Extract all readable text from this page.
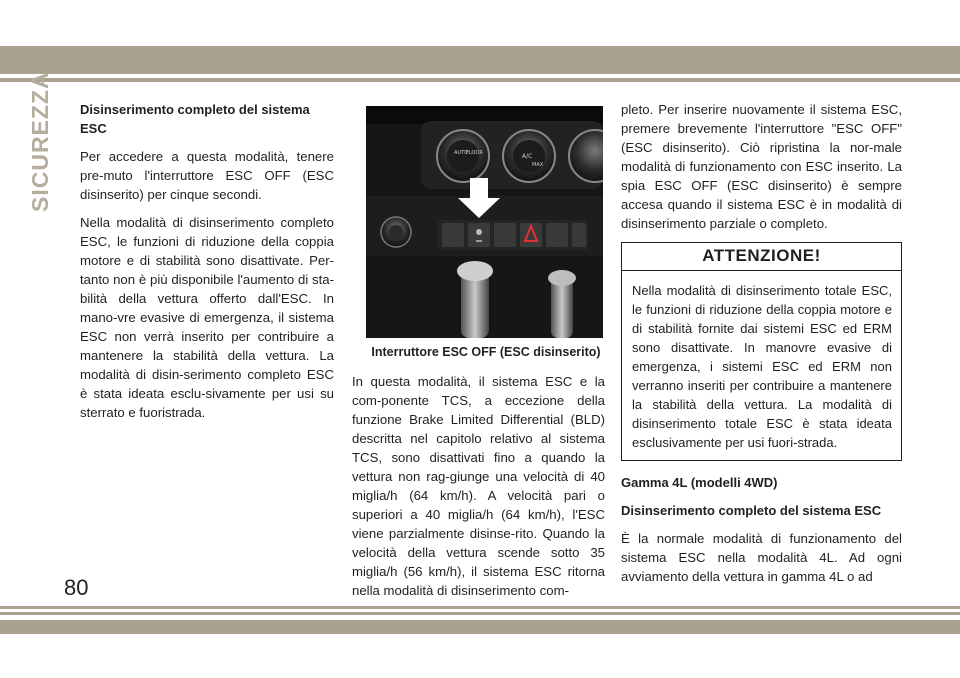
SICUREZZA Disinserimento completo del sistema ESC

Per accedere a questa modalità, tenere pre-muto l'interruttore ESC OFF (ESC disinserito) per cinque secondi.

Nella modalità di disinserimento completo ESC, le funzioni di riduzione della coppia motore e di stabilità sono disattivate. Per-tanto non è più disponibile l'aumento di sta-bilità della vettura offerto dall'ESC. In mano-vre evasive di emergenza, il sistema ESC non verrà inserito per contribuire a mantenere la stabilità della vettura. La modalità di disin-serimento completo ESC è stata ideata esclu-sivamente per usi su sterrato e fuoristrada.

AUTO
FLOOR	A/C
MAX
Interruttore ESC OFF (ESC disinserito)

In questa modalità, il sistema ESC e la com-ponente TCS, a eccezione della funzione Brake Limited Differential (BLD) descritta nel capitolo relativo al sistema TCS, sono disattivati fino a quando la vettura non rag-giunge una velocità di 40 miglia/h (64 km/h). A velocità pari o superiori a 40 miglia/h (64 km/h), l'ESC viene parzialmente disinse-rito. Quando la velocità della vettura scende sotto 35 miglia/h (56 km/h), il sistema ESC ritorna nella modalità di disinserimento com-

pleto. Per inserire nuovamente il sistema ESC, premere brevemente l'interruttore "ESC OFF" (ESC disinserito). Ciò ripristina la nor-male modalità di funzionamento con ESC inserito. La spia ESC OFF (ESC disinserito) è sempre accesa quando il sistema ESC è in modalità di disinserimento parziale o completo.

ATTENZIONE!
Nella modalità di disinserimento totale ESC, le funzioni di riduzione della coppia motore e di stabilità fornite dai sistemi ESC ed ERM sono disattivate. In manovre evasive di emergenza, i sistemi ESC ed ERM non verranno inseriti per contribuire a mantenere la stabilità della vettura. La modalità di disinserimento totale ESC è stata ideata esclusivamente per usi fuori-strada.
Gamma 4L (modelli 4WD)
Disinserimento completo del sistema ESC

È la normale modalità di funzionamento del sistema ESC nella modalità 4L. Ad ogni avviamento della vettura in gamma 4L o ad

80
